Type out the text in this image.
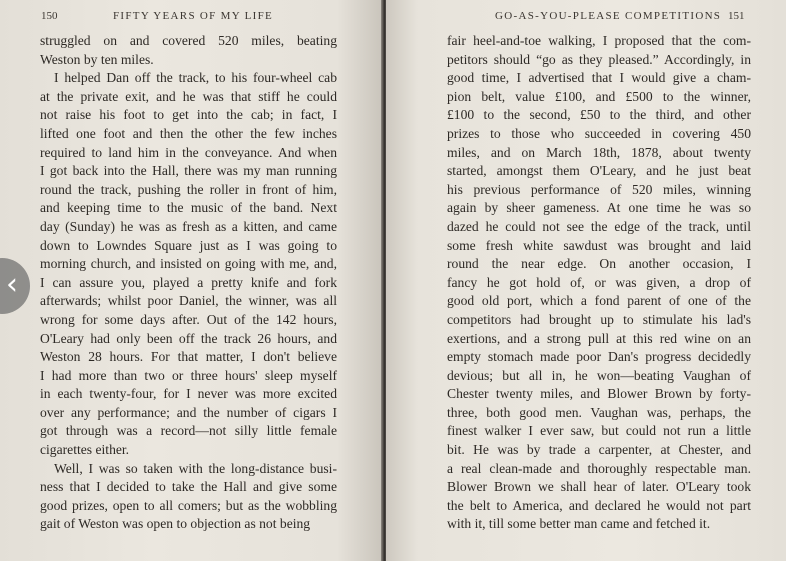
150	FIFTY YEARS OF MY LIFE
struggled on and covered 520 miles, beating
Weston by ten miles.
I helped Dan off the track, to his four-wheel cab
at the private exit, and he was that stiff he could
not raise his foot to get into the cab; in fact, I
lifted one foot and then the other the few inches
required to land him in the conveyance. And when
I got back into the Hall, there was my man running
round the track, pushing the roller in front of him,
and keeping time to the music of the band. Next
day (Sunday) he was as fresh as a kitten, and came
down to Lowndes Square just as I was going to
morning church, and insisted on going with me, and,
I can assure you, played a pretty knife and fork
afterwards; whilst poor Daniel, the winner, was all
wrong for some days after. Out of the 142 hours,
O'Leary had only been off the track 26 hours, and
Weston 28 hours. For that matter, I don't believe
I had more than two or three hours' sleep myself
in each twenty-four, for I never was more excited
over any performance; and the number of cigars I
got through was a record—not silly little female
cigarettes either.
Well, I was so taken with the long-distance busi-
ness that I decided to take the Hall and give some
good prizes, open to all comers; but as the wobbling
gait of Weston was open to objection as not being
GO-AS-YOU-PLEASE COMPETITIONS 151
fair heel-and-toe walking, I proposed that the com-
petitors should “go as they pleased.” Accordingly, in
good time, I advertised that I would give a cham-
pion belt, value £100, and £500 to the winner,
£100 to the second, £50 to the third, and other
prizes to those who succeeded in covering 450
miles, and on March 18th, 1878, about twenty
started, amongst them O'Leary, and he just beat
his previous performance of 520 miles, winning
again by sheer gameness. At one time he was so
dazed he could not see the edge of the track, until
some fresh white sawdust was brought and laid
round the near edge. On another occasion, I
fancy he got hold of, or was given, a drop of
good old port, which a fond parent of one of the
competitors had brought up to stimulate his lad's
exertions, and a strong pull at this red wine on an
empty stomach made poor Dan's progress decidedly
devious; but all in, he won—beating Vaughan of
Chester twenty miles, and Blower Brown by forty-
three, both good men. Vaughan was, perhaps, the
finest walker I ever saw, but could not run a little
bit. He was by trade a carpenter, at Chester, and
a real clean-made and thoroughly respectable man.
Blower Brown we shall hear of later. O'Leary took
the belt to America, and declared he would not part
with it, till some better man came and fetched it.
‹
